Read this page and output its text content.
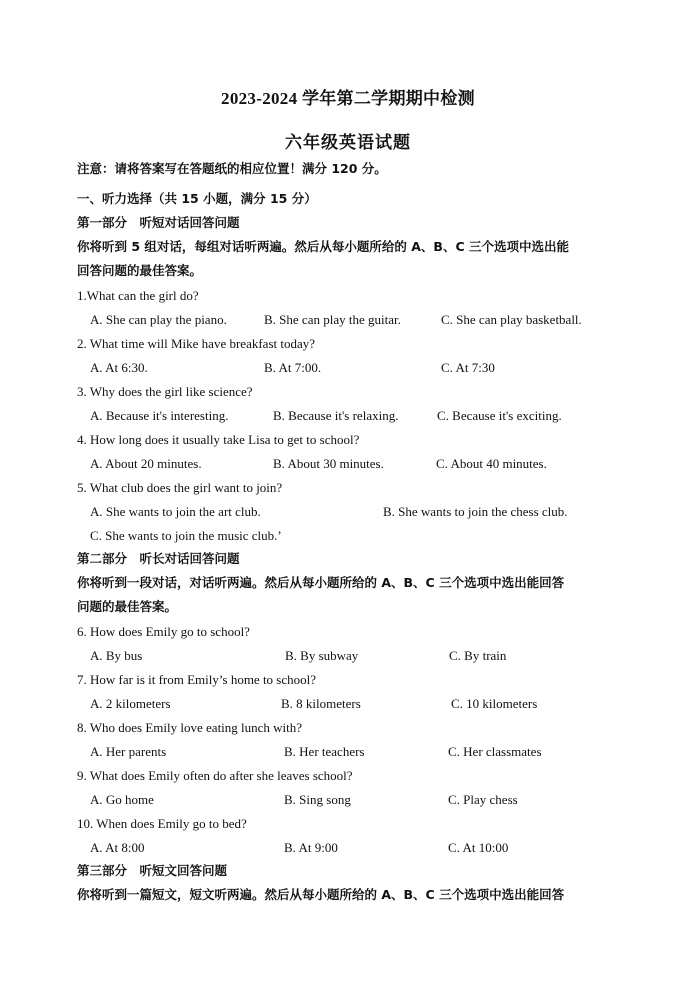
2023-2024 学年第二学期期中检测
六年级英语试题
注意：请将答案写在答题纸的相应位置！满分 120 分。
一、听力选择（共 15 小题，满分 15 分）
第一部分　听短对话回答问题
你将听到 5 组对话，每组对话听两遍。然后从每小题所给的 A、B、C 三个选项中选出能
回答问题的最佳答案。
1.What can the girl do?
A. She can play the piano.	B. She can play the guitar.	C. She can play basketball.
2. What time will Mike have breakfast today?
A. At 6:30.	B. At 7:00.	C. At 7:30
3. Why does the girl like science?
A. Because it's interesting.	B. Because it's relaxing.	C. Because it's exciting.
4. How long does it usually take Lisa to get to school?
A. About 20 minutes.	B. About 30 minutes.	C. About 40 minutes.
5. What club does the girl want to join?
A. She wants to join the art club.	B. She wants to join the chess club.
C. She wants to join the music club.’
第二部分　听长对话回答问题
你将听到一段对话，对话听两遍。然后从每小题所给的 A、B、C 三个选项中选出能回答
问题的最佳答案。
6. How does Emily go to school?
A. By bus	B. By subway	C. By train
7. How far is it from Emily’s home to school?
A. 2 kilometers	B. 8 kilometers	C. 10 kilometers
8. Who does Emily love eating lunch with?
A. Her parents	B. Her teachers	C. Her classmates
9. What does Emily often do after she leaves school?
A. Go home	B. Sing song	C. Play chess
10. When does Emily go to bed?
A. At 8:00	B. At 9:00	C. At 10:00
第三部分　听短文回答问题
你将听到一篇短文，短文听两遍。然后从每小题所给的 A、B、C 三个选项中选出能回答
